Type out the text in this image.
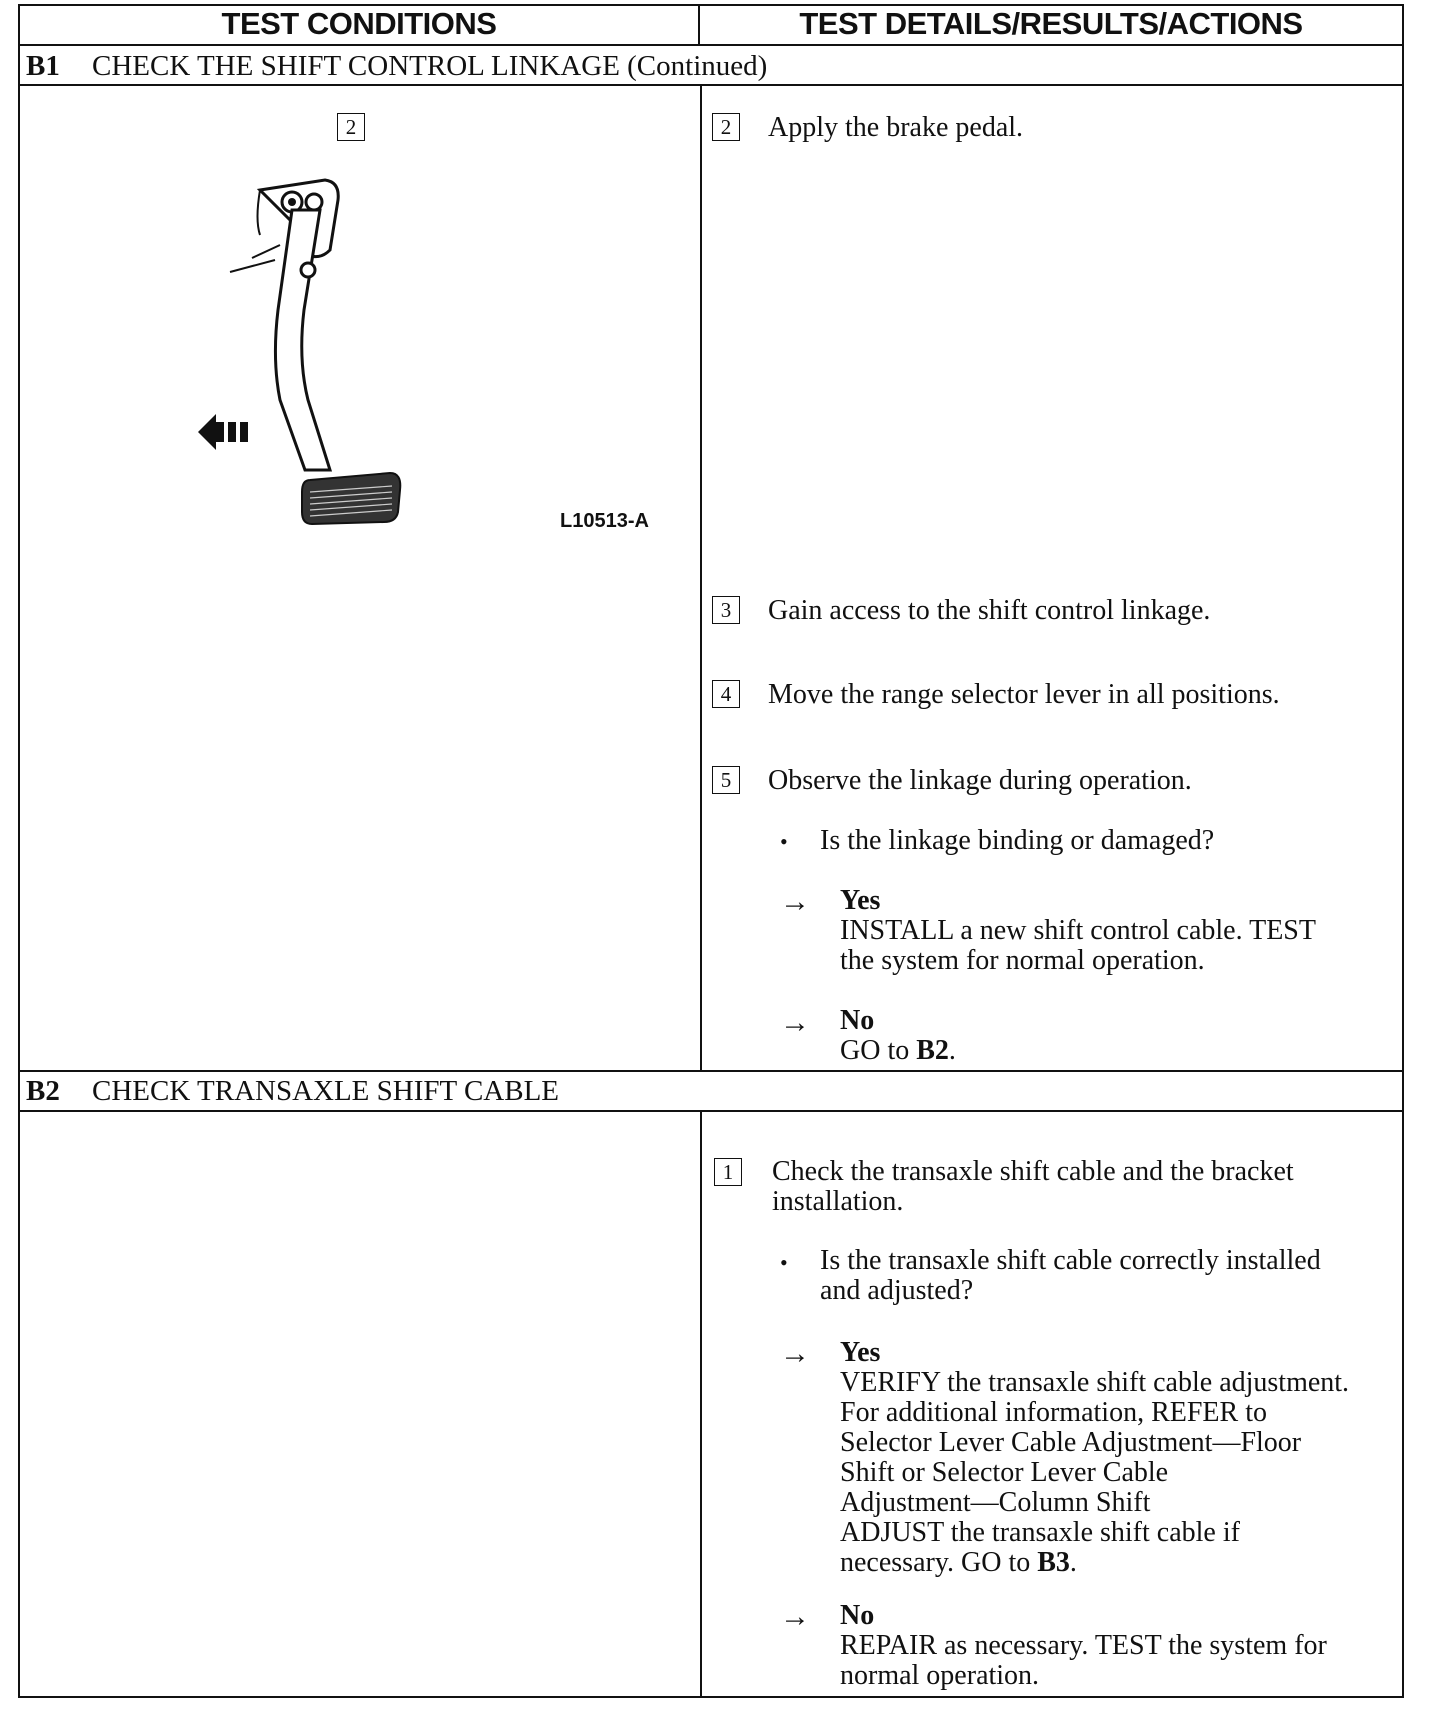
TEST CONDITIONS	TEST DETAILS/RESULTS/ACTIONS
B1 CHECK THE SHIFT CONTROL LINKAGE (Continued)
2
L10513-A
2	Apply the brake pedal.
3	Gain access to the shift control linkage.
4	Move the range selector lever in all positions.
5	Observe the linkage during operation.
• Is the linkage binding or damaged?
→ Yes
INSTALL a new shift control cable. TEST
the system for normal operation.
→ No
GO to B2.
B2 CHECK TRANSAXLE SHIFT CABLE
1	Check the transaxle shift cable and the bracket
installation.
• Is the transaxle shift cable correctly installed
and adjusted?
→ Yes
VERIFY the transaxle shift cable adjustment.
For additional information, REFER to
Selector Lever Cable Adjustment—Floor
Shift or Selector Lever Cable
Adjustment—Column Shift
ADJUST the transaxle shift cable if
necessary. GO to B3.
→ No
REPAIR as necessary. TEST the system for
normal operation.
